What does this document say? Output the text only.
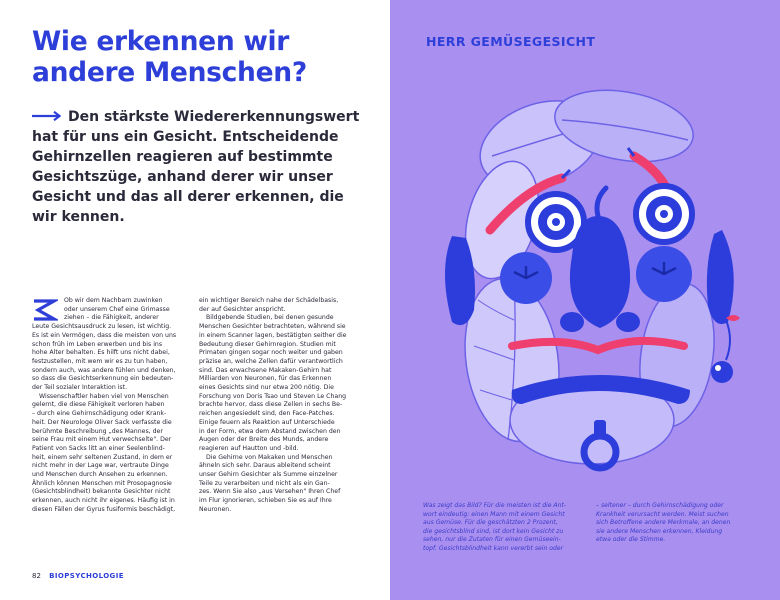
Wie erkennen wir
andere Menschen?
Den stärkste Wiedererkennungswert
hat für uns ein Gesicht. Entscheidende
Gehirnzellen reagieren auf bestimmte
Gesichtszüge, anhand derer wir unser
Gesicht und das all derer erkennen, die
wir kennen.
Ob wir dem Nachbarn zuwinken
oder unserem Chef eine Grimasse
ziehen – die Fähigkeit, anderer
Leute Gesichtsausdruck zu lesen, ist wichtig.
Es ist ein Vermögen, dass die meisten von uns
schon früh im Leben erwerben und bis ins
hohe Alter behalten. Es hilft uns nicht dabei,
festzustellen, mit wem wir es zu tun haben,
sondern auch, was andere fühlen und denken,
so dass die Gesichtserkennung ein bedeuten-
der Teil sozialer Interaktion ist.
Wissenschaftler haben viel von Menschen
gelernt, die diese Fähigkeit verloren haben
– durch eine Gehirnschädigung oder Krank-
heit. Der Neurologe Oliver Sack verfasste die
berühmte Beschreibung „des Mannes, der
seine Frau mit einem Hut verwechselte". Der
Patient von Sacks litt an einer Seelenblind-
heit, einem sehr seltenen Zustand, in dem er
nicht mehr in der Lage war, vertraute Dinge
und Menschen durch Ansehen zu erkennen.
Ähnlich können Menschen mit Prosopagnosie
(Gesichtsblindheit) bekannte Gesichter nicht
erkennen, auch nicht ihr eigenes. Häufig ist in
diesen Fällen der Gyrus fusiformis beschädigt,
ein wichtiger Bereich nahe der Schädelbasis,
der auf Gesichter anspricht.
Bildgebende Studien, bei denen gesunde
Menschen Gesichter betrachteten, während sie
in einem Scanner lagen, bestätigten seither die
Bedeutung dieser Gehirnregion. Studien mit
Primaten gingen sogar noch weiter und gaben
präzise an, welche Zellen dafür verantwortlich
sind. Das erwachsene Makaken-Gehirn hat
Milliarden von Neuronen, für das Erkennen
eines Gesichts sind nur etwa 200 nötig. Die
Forschung von Doris Tsao und Steven Le Chang
brachte hervor, dass diese Zellen in sechs Be-
reichen angesiedelt sind, den Face-Patches.
Einige feuern als Reaktion auf Unterschiede
in der Form, etwa dem Abstand zwischen den
Augen oder der Breite des Munds, andere
reagieren auf Hautton und -bild.
Die Gehirne von Makaken und Menschen
ähneln sich sehr. Daraus ableitend scheint
unser Gehirn Gesichter als Summe einzelner
Teile zu verarbeiten und nicht als ein Gan-
zes. Wenn Sie also „aus Versehen" Ihren Chef
im Flur ignorieren, schieben Sie es auf Ihre
Neuronen.
82 BIOPSYCHOLOGIE
HERR GEMÜSEGESICHT
Was zeigt das Bild? Für die meisten ist die Ant-
wort eindeutig: einen Mann mit einem Gesicht
aus Gemüse. Für die geschätzten 2 Prozent,
die gesichtsblind sind, ist dort kein Gesicht zu
sehen, nur die Zutaten für einen Gemüseein-
topf. Gesichtsblindheit kann vererbt sein oder
– seltener – durch Gehirnschädigung oder
Krankheit verursacht werden. Meist suchen
sich Betroffene andere Merkmale, an denen
sie andere Menschen erkennen, Kleidung
etwa oder die Stimme.
